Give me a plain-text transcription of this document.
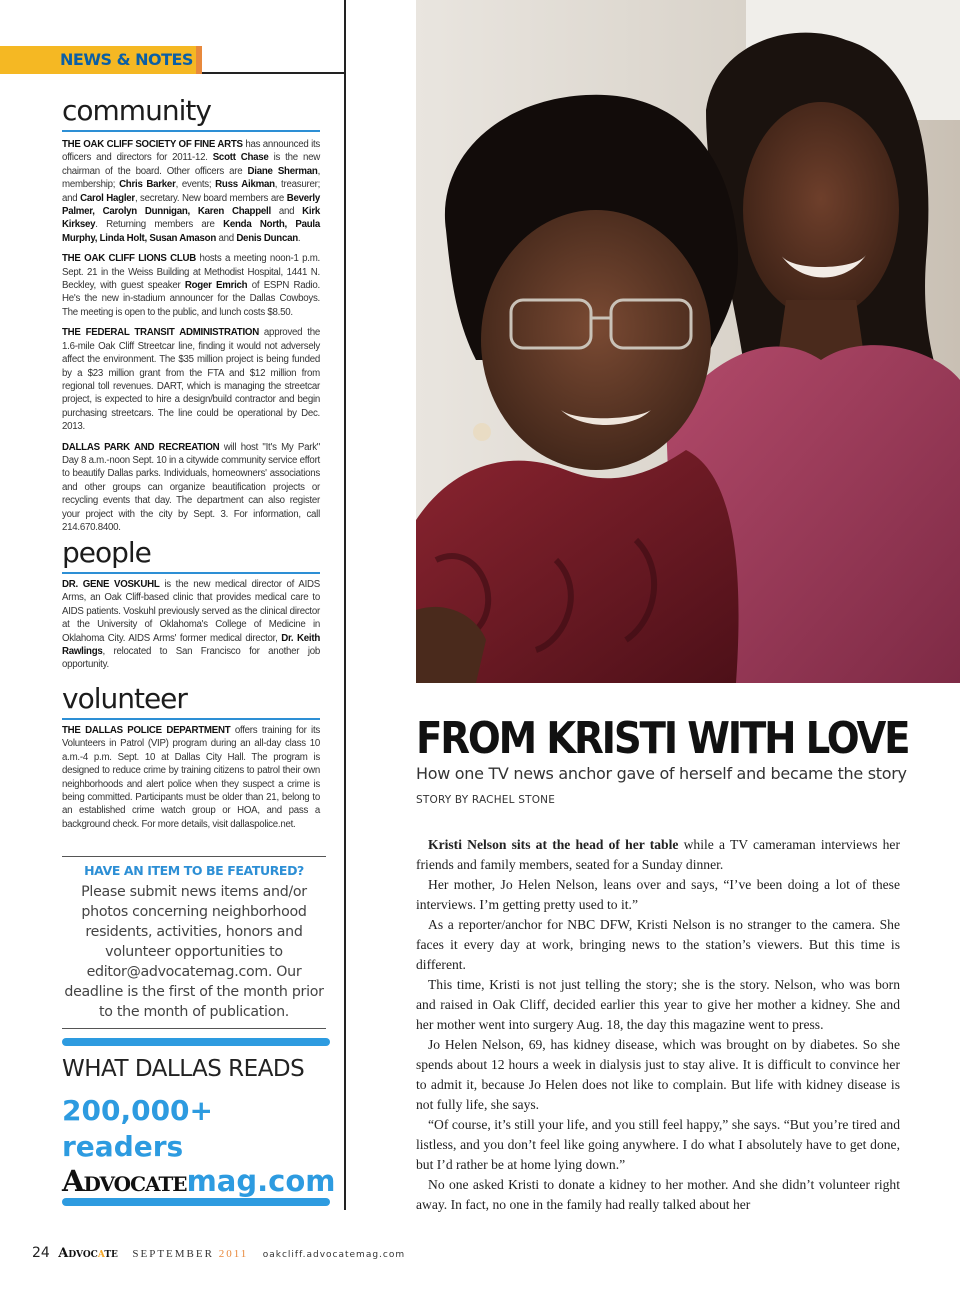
NEWS & NOTES
community

THE OAK CLIFF SOCIETY OF FINE ARTS has announced its officers and directors for 2011-12. Scott Chase is the new chairman of the board. Other officers are Diane Sherman, membership; Chris Barker, events; Russ Aikman, treasurer; and Carol Hagler, secretary. New board members are Beverly Palmer, Carolyn Dunnigan, Karen Chappell and Kirk Kirksey. Returning members are Kenda North, Paula Murphy, Linda Holt, Susan Amason and Denis Duncan.

THE OAK CLIFF LIONS CLUB hosts a meeting noon-1 p.m. Sept. 21 in the Weiss Building at Methodist Hospital, 1441 N. Beckley, with guest speaker Roger Emrich of ESPN Radio. He's the new in-stadium announcer for the Dallas Cowboys. The meeting is open to the public, and lunch costs $8.50.

THE FEDERAL TRANSIT ADMINISTRATION approved the 1.6-mile Oak Cliff Streetcar line, finding it would not adversely affect the environment. The $35 million project is being funded by a $23 million grant from the FTA and $12 million from regional toll revenues. DART, which is managing the streetcar project, is expected to hire a design/build contractor and begin purchasing streetcars. The line could be operational by Dec. 2013.

DALLAS PARK AND RECREATION will host "It's My Park" Day 8 a.m.-noon Sept. 10 in a citywide community service effort to beautify Dallas parks. Individuals, homeowners' associations and other groups can organize beautification projects or recycling events that day. The department can also register your project with the city by Sept. 3. For information, call 214.670.8400.

people

DR. GENE VOSKUHL is the new medical director of AIDS Arms, an Oak Cliff-based clinic that provides medical care to AIDS patients. Voskuhl previously served as the clinical director at the University of Oklahoma's College of Medicine in Oklahoma City. AIDS Arms' former medical director, Dr. Keith Rawlings, relocated to San Francisco for another job opportunity.

volunteer

THE DALLAS POLICE DEPARTMENT offers training for its Volunteers in Patrol (VIP) program during an all-day class 10 a.m.-4 p.m. Sept. 10 at Dallas City Hall. The program is designed to reduce crime by training citizens to patrol their own neighborhoods and alert police when they suspect a crime is being committed. Participants must be older than 21, belong to an established crime watch group or HOA, and pass a background check. For more details, visit dallaspolice.net.

HAVE AN ITEM TO BE FEATURED?
Please submit news items and/or photos concerning neighborhood residents, activities, honors and volunteer opportunities to editor@advocatemag.com. Our deadline is the first of the month prior to the month of publication.
WHAT DALLAS READS
200,000+
readers
Advocatemag.com
24 Advocate SEPTEMBER 2011 oakcliff.advocatemag.com
FROM KRISTI WITH LOVE
How one TV news anchor gave of herself and became the story
STORY BY RACHEL STONE

Kristi Nelson sits at the head of her table while a TV cameraman interviews her friends and family members, seated for a Sunday dinner.

Her mother, Jo Helen Nelson, leans over and says, “I’ve been doing a lot of these interviews. I’m getting pretty used to it.”

As a reporter/anchor for NBC DFW, Kristi Nelson is no stranger to the camera. She faces it every day at work, bringing news to the station’s viewers. But this time is different.

This time, Kristi is not just telling the story; she is the story. Nelson, who was born and raised in Oak Cliff, decided earlier this year to give her mother a kidney. She and her mother went into surgery Aug. 18, the day this magazine went to press.

Jo Helen Nelson, 69, has kidney disease, which was brought on by diabetes. So she spends about 12 hours a week in dialysis just to stay alive. It is difficult to convince her to admit it, because Jo Helen does not like to complain. But life with kidney disease is not fully life, she says.

“Of course, it’s still your life, and you still feel happy,” she says. “But you’re tired and listless, and you don’t feel like going anywhere. I do what I absolutely have to get done, but I’d rather be at home lying down.”

No one asked Kristi to donate a kidney to her mother. And she didn’t volunteer right away. In fact, no one in the family had really talked about her
